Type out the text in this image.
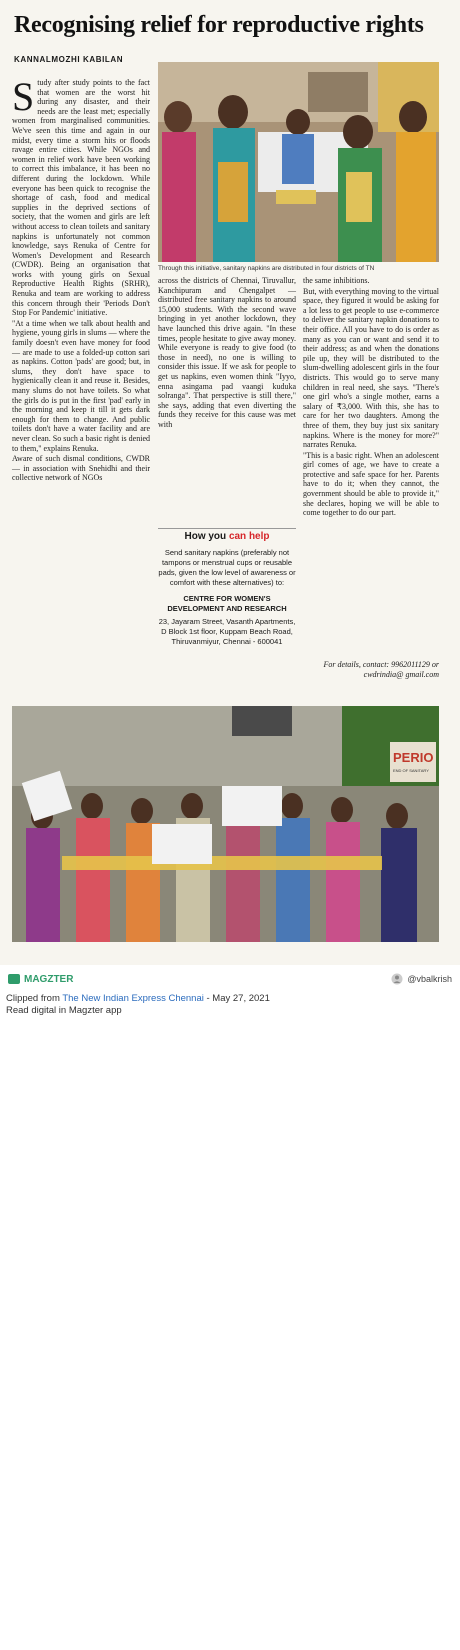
Recognising relief for reproductive rights
KANNALMOZHI KABILAN

Study after study points to the fact that women are the worst hit during any disaster, and their needs are the least met; especially women from marginalised communities. We've seen this time and again in our midst, every time a storm hits or floods ravage entire cities. While NGOs and women in relief work have been working to correct this imbalance, it has been no different during the lockdown. While everyone has been quick to recognise the shortage of cash, food and medical supplies in the deprived sections of society, that the women and girls are left without access to clean toilets and sanitary napkins is unfortunately not common knowledge, says Renuka of Centre for Women's Development and Research (CWDR). Being an organisation that works with young girls on Sexual Reproductive Health Rights (SRHR), Renuka and team are working to address this concern through their 'Periods Don't Stop For Pandemic' initiative.

"At a time when we talk about health and hygiene, young girls in slums — where the family doesn't even have money for food — are made to use a folded-up cotton sari as napkins. Cotton 'pads' are good; but, in slums, they don't have space to hygienically clean it and reuse it. Besides, many slums do not have toilets. So what the girls do is put in the first 'pad' early in the morning and keep it till it gets dark enough for them to change. And public toilets don't have a water facility and are never clean. So such a basic right is denied to them," explains Renuka.

Aware of such dismal conditions, CWDR — in association with Snehidhi and their collective network of NGOs

Through this initiative, sanitary napkins are distributed in four districts of TN

across the districts of Chennai, Tiruvallur, Kanchipuram and Chengalpet — distributed free sanitary napkins to around 15,000 students. With the second wave bringing in yet another lockdown, they have launched this drive again. "In these times, people hesitate to give away money. While everyone is ready to give food (to those in need), no one is willing to consider this issue. If we ask for people to get us napkins, even women think "Iyyo, enna asingama pad vaangi kuduka solranga". That perspective is still there," she says, adding that even diverting the funds they receive for this cause was met with

How you can help
Send sanitary napkins (preferably not tampons or menstrual cups or reusable pads, given the low level of awareness or comfort with these alternatives) to:
CENTRE FOR WOMEN'S DEVELOPMENT AND RESEARCH
23, Jayaram Street, Vasanth Apartments, D Block 1st floor, Kuppam Beach Road, Thiruvanmiyur, Chennai - 600041

the same inhibitions.

But, with everything moving to the virtual space, they figured it would be asking for a lot less to get people to use e-commerce to deliver the sanitary napkin donations to their office. All you have to do is order as many as you can or want and send it to their address; as and when the donations pile up, they will be distributed to the slum-dwelling adolescent girls in the four districts. This would go to serve many children in real need, she says. "There's one girl who's a single mother, earns a salary of ₹3,000. With this, she has to care for her two daughters. Among the three of them, they buy just six sanitary napkins. Where is the money for more?" narrates Renuka.

"This is a basic right. When an adolescent girl comes of age, we have to create a protective and safe space for her. Parents have to do it; when they cannot, the government should be able to provide it," she declares, hoping we will be able to come together to do our part.

For details, contact: 9962011129 or cwdrindia@ gmail.com
PERIO
END OF SANITARY
MAGZTER
MAGZTER	@vbalkrish
Clipped from The New Indian Express Chennai - May 27, 2021
Read digital in Magzter app
